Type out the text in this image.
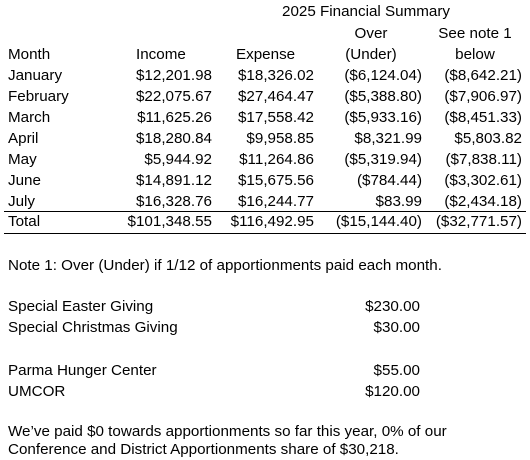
2025 Financial Summary
Over	See note 1
Month	Income	Expense	(Under)	below
January	$12,201.98 $18,326.02 ($6,124.04) ($8,642.21)
February	$22,075.67 $27,464.47 ($5,388.80) ($7,906.97)
March	$11,625.26 $17,558.42 ($5,933.16) ($8,451.33)
April	$18,280.84 $9,958.85	$8,321.99 $5,803.82
May	$5,944.92 $11,264.86 ($5,319.94) ($7,838.11)
June	$14,891.12 $15,675.56	($784.44) ($3,302.61)
July	$16,328.76 $16,244.77	$83.99 ($2,434.18)
Total	$101,348.55 $116,492.95 ($15,144.40) ($32,771.57)
Note 1: Over (Under) if 1/12 of apportionments paid each month.
Special Easter Giving	$230.00
Special Christmas Giving	$30.00
Parma Hunger Center	$55.00
UMCOR	$120.00
We’ve paid $0 towards apportionments so far this year, 0% of our
Conference and District Apportionments share of $30,218.
